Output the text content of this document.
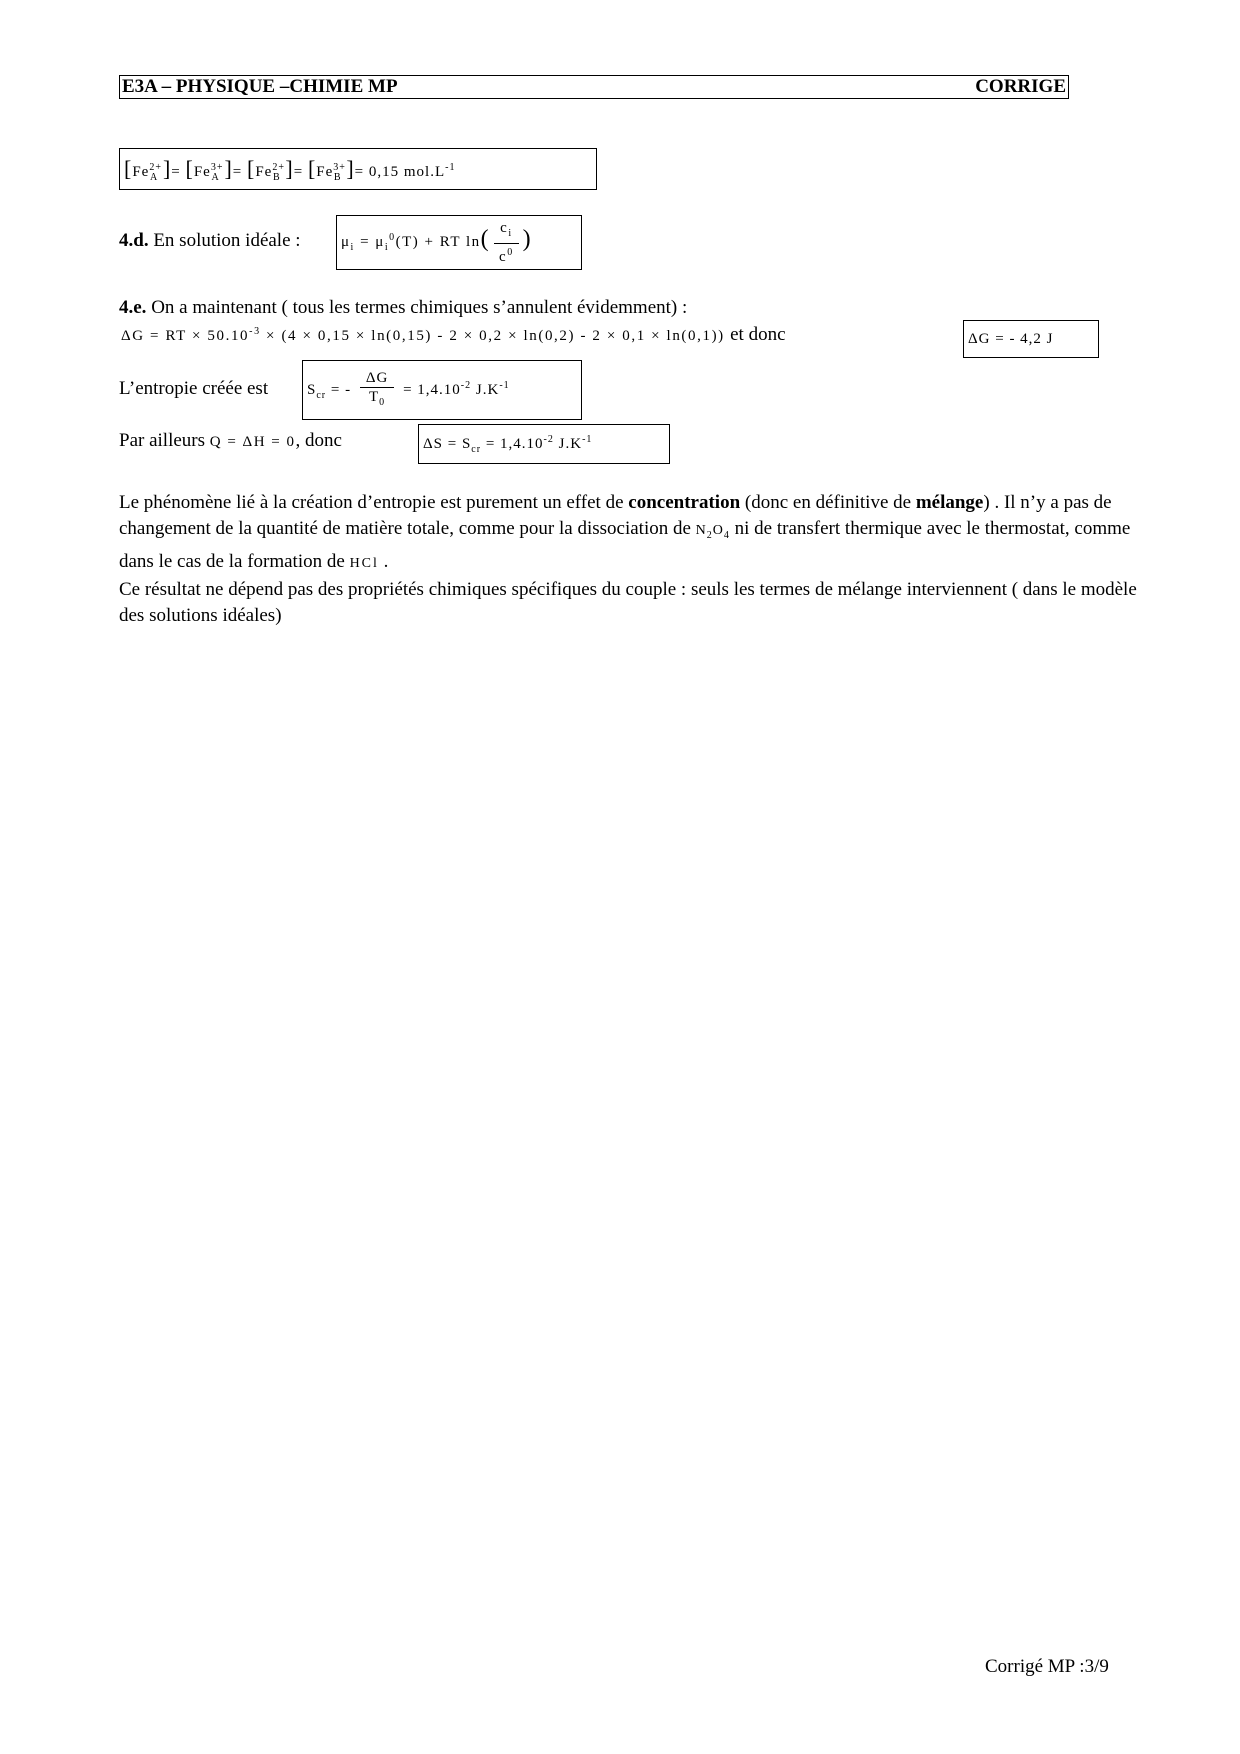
E3A – PHYSIQUE –CHIMIE MP	CORRIGE
[$Fe^{2+}_A$ ]= [$Fe^{3+}_A$ ]= [$Fe^{2+}_B$ ]= [$Fe^{3+}_B$ ]= 0,15 $mol.L^{-1}$
4.d. En solution idéale :	$\mu_i = \mu_i^0(T)$ + RT $\ln( \frac{c_i}{c^0}$ )
4.e. On a maintenant ( tous les termes chimiques s’annulent évidemment) :
ΔG = RT × $50.10^{-3} \times (4 \times 0,15 \times \ln(0,15) - 2 \times 0,2 \times \ln(0,2) - 2 \times 0,1 \times \ln(0,1))$ et donc	ΔG = - 4,2 J
L’entropie créée est	$S_{cr}$ = - $\frac{\Delta G}{T_0} = 1,4.10^{-2}$ $J.K^{-1}$
Par ailleurs Q = ΔH = 0, donc	$\Delta S = S_{cr} = 1,4.10^{-2}$ $J.K^{-1}$

Le phénomène lié à la création d’entropie est purement un effet de concentration (donc en définitive de mélange) . Il n’y a pas de changement de la quantité de matière totale, comme pour la dissociation de $N_2O_4$ ni de transfert thermique avec le thermostat, comme dans le cas de la formation de HCl .

Ce résultat ne dépend pas des propriétés chimiques spécifiques du couple : seuls les termes de mélange interviennent ( dans le modèle des solutions idéales)

Corrigé MP :3/9
